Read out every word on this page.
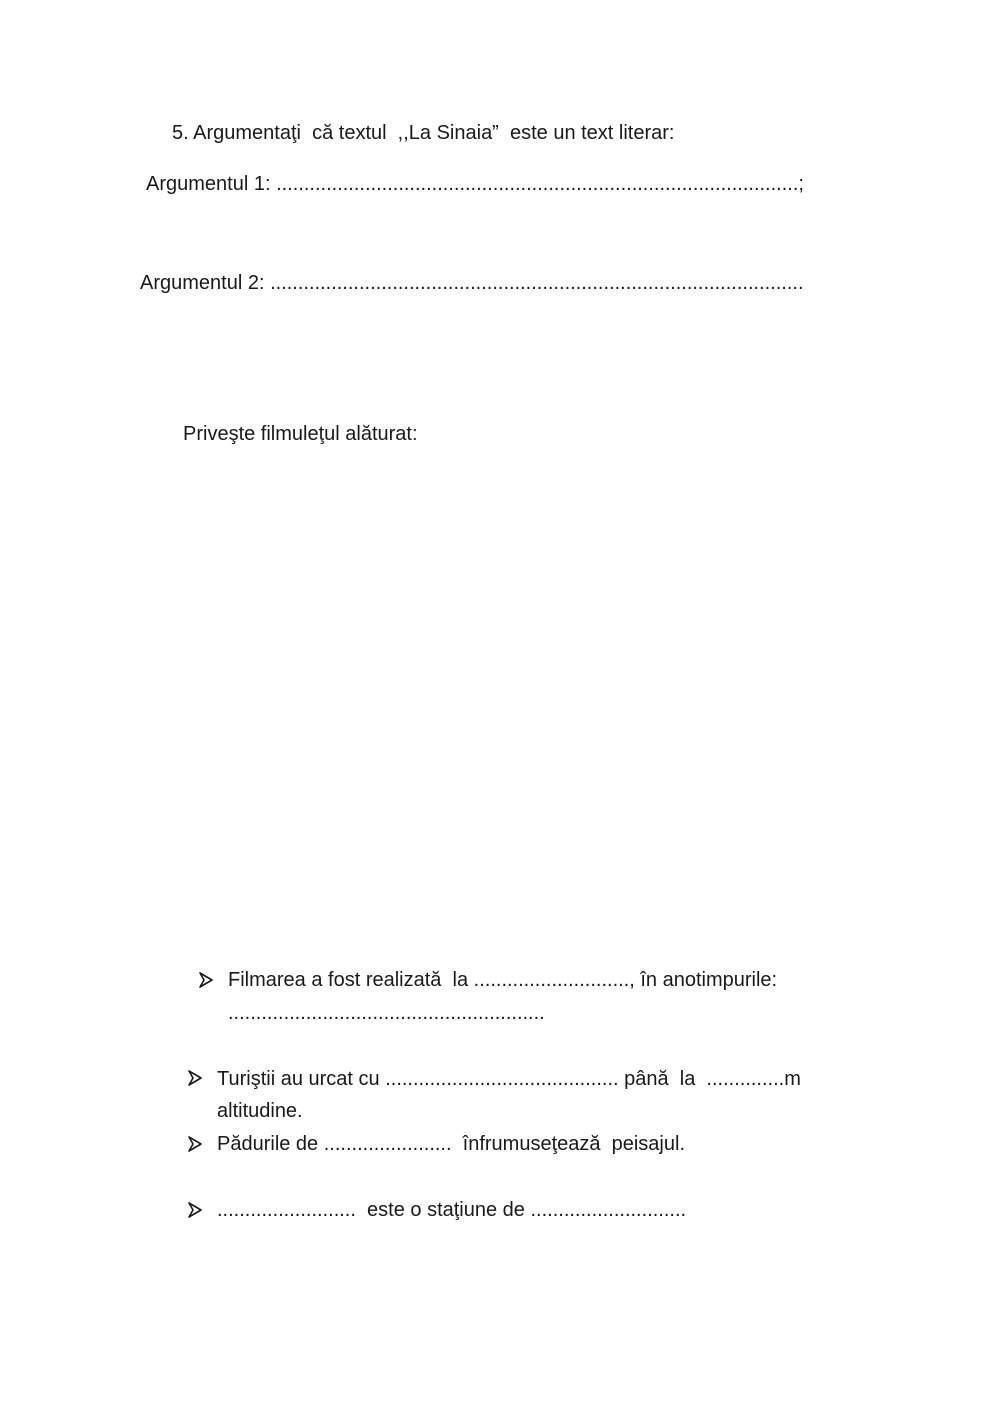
5. Argumentaţi  că textul  ,,La Sinaia”  este un text literar:
Argumentul 1: ..............................................................................................;
Argumentul 2: ................................................................................................
Priveşte filmuleţul alăturat:
Filmarea a fost realizată  la ............................, în anotimpurile:
.........................................................
Turiştii au urcat cu .......................................... până  la  ..............m
altitudine.
Pădurile de .......................  înfrumuseţează  peisajul.
.........................  este o staţiune de ............................
